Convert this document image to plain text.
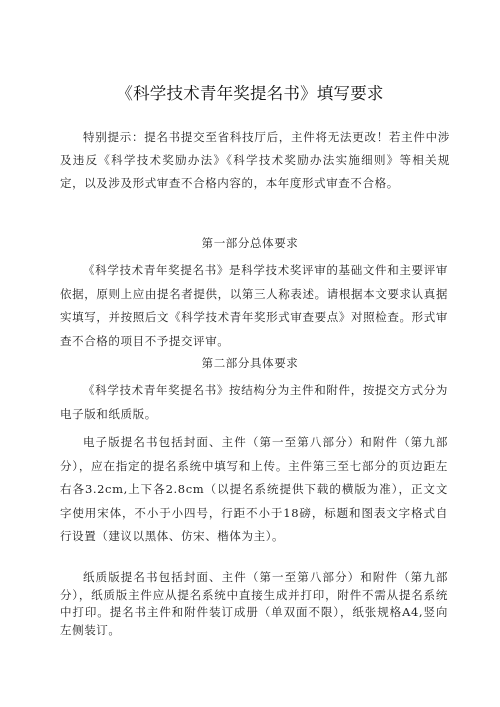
《科学技术青年奖提名书》填写要求
特别提示：提名书提交至省科技厅后，主件将无法更改！若主件中涉及违反《科学技术奖励办法》《科学技术奖励办法实施细则》等相关规定，以及涉及形式审查不合格内容的，本年度形式审查不合格。
第一部分总体要求
《科学技术青年奖提名书》是科学技术奖评审的基础文件和主要评审依据，原则上应由提名者提供，以第三人称表述。请根据本文要求认真据实填写，并按照后文《科学技术青年奖形式审查要点》对照检查。形式审查不合格的项目不予提交评审。
第二部分具体要求
《科学技术青年奖提名书》按结构分为主件和附件，按提交方式分为电子版和纸质版。
电子版提名书包括封面、主件（第一至第八部分）和附件（第九部分），应在指定的提名系统中填写和上传。主件第三至七部分的页边距左右各3.2cm,上下各2.8cm（以提名系统提供下载的横版为准），正文文字使用宋体，不小于小四号，行距不小于18磅，标题和图表文字格式自行设置（建议以黑体、仿宋、楷体为主）。
纸质版提名书包括封面、主件（第一至第八部分）和附件（第九部分），纸质版主件应从提名系统中直接生成并打印，附件不需从提名系统中打印。提名书主件和附件装订成册（单双面不限），纸张规格A4,竖向左侧装订。
